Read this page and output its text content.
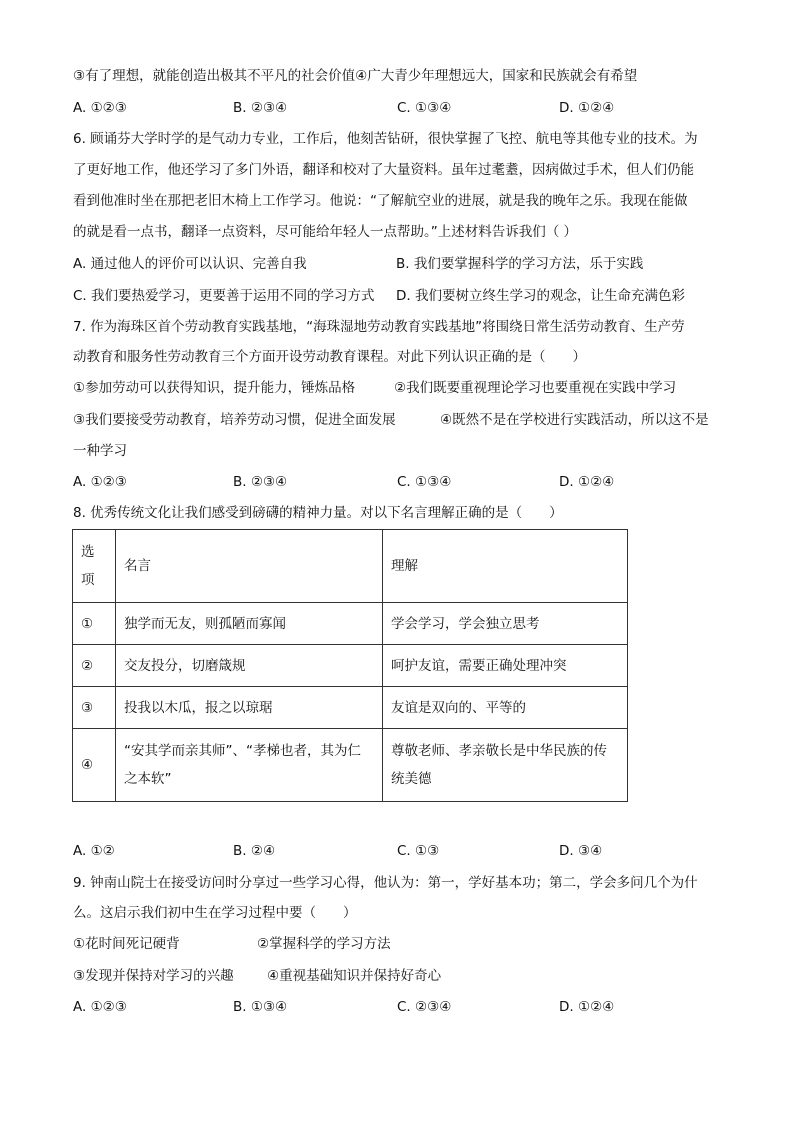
③有了理想，就能创造出极其不平凡的社会价值④广大青少年理想远大，国家和民族就会有希望
A. ①②③	B. ②③④	C. ①③④	D. ①②④
6. 顾诵芬大学时学的是气动力专业，工作后，他刻苦钻研，很快掌握了飞控、航电等其他专业的技术。为
了更好地工作，他还学习了多门外语，翻译和校对了大量资料。虽年过耄耋，因病做过手术，但人们仍能
看到他准时坐在那把老旧木椅上工作学习。他说：“了解航空业的进展，就是我的晚年之乐。我现在能做
的就是看一点书，翻译一点资料，尽可能给年轻人一点帮助。”上述材料告诉我们（ ）
A. 通过他人的评价可以认识、完善自我	B. 我们要掌握科学的学习方法，乐于实践
C. 我们要热爱学习，更要善于运用不同的学习方式 D. 我们要树立终生学习的观念，让生命充满色彩
7. 作为海珠区首个劳动教育实践基地，“海珠湿地劳动教育实践基地”将围绕日常生活劳动教育、生产劳
动教育和服务性劳动教育三个方面开设劳动教育课程。对此下列认识正确的是（　　）
①参加劳动可以获得知识，提升能力，锤炼品格	②我们既要重视理论学习也要重视在实践中学习
③我们要接受劳动教育，培养劳动习惯，促进全面发展	④既然不是在学校进行实践活动，所以这不是
一种学习
A. ①②③	B. ②③④	C. ①③④	D. ①②④
8. 优秀传统文化让我们感受到磅礴的精神力量。对以下名言理解正确的是（　　）
选项	名言	理解
①	独学而无友，则孤陋而寡闻	学会学习，学会独立思考
②	交友投分，切磨箴规	呵护友谊，需要正确处理冲突
③	投我以木瓜，报之以琼琚	友谊是双向的、平等的
④	“安其学而亲其师”、“孝梯也者，其为仁之本软”	尊敬老师、孝亲敬长是中华民族的传统美德
A. ①②	B. ②④	C. ①③	D. ③④
9. 钟南山院士在接受访问时分享过一些学习心得，他认为：第一，学好基本功；第二，学会多问几个为什
么。这启示我们初中生在学习过程中要（　　）
①花时间死记硬背	②掌握科学的学习方法
③发现并保持对学习的兴趣 ④重视基础知识并保持好奇心
A. ①②③	B. ①③④	C. ②③④	D. ①②④
